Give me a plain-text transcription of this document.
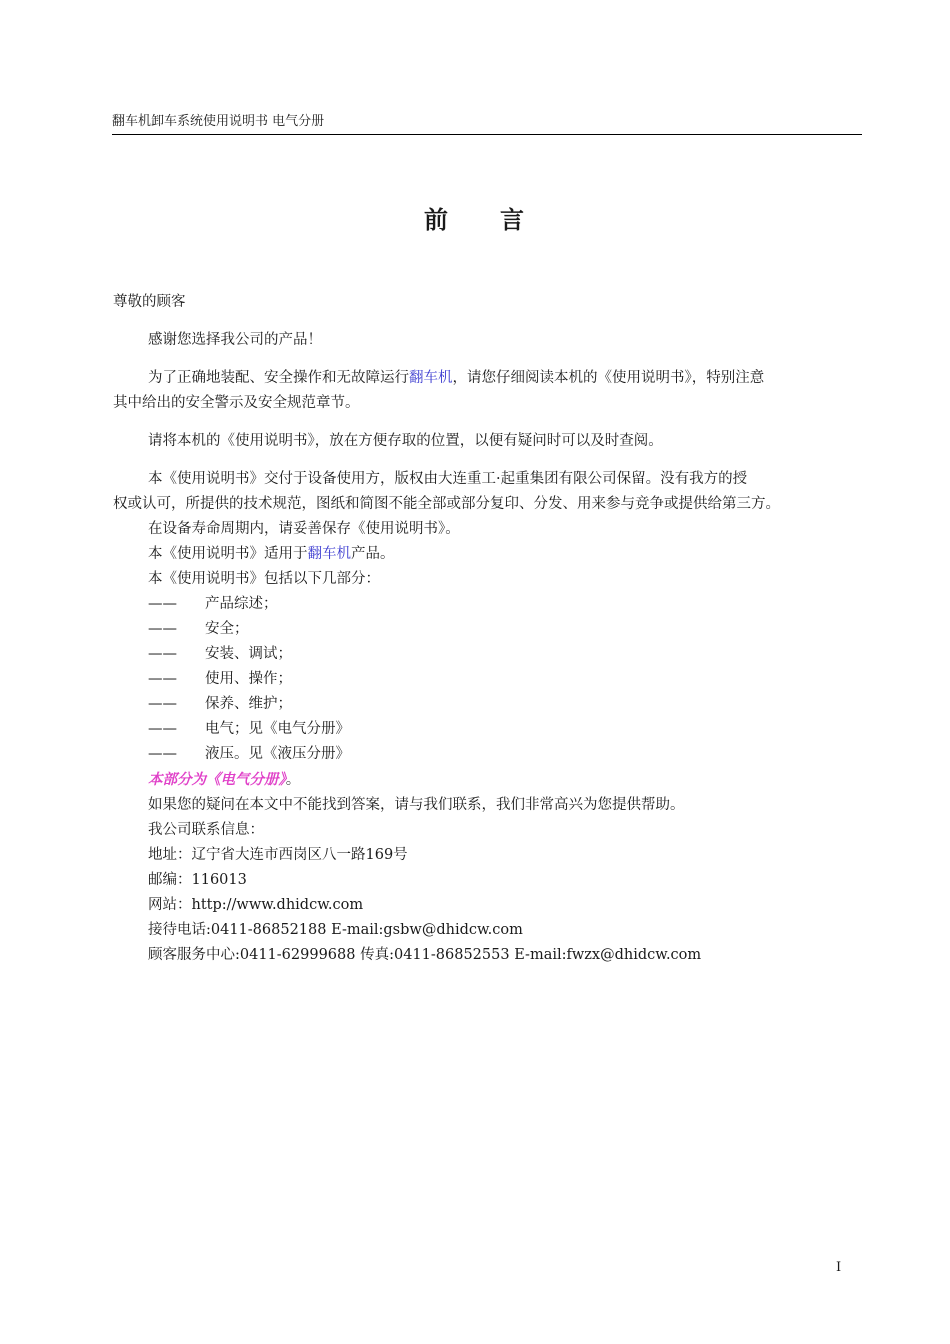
翻车机卸车系统使用说明书 电气分册
前 言

尊敬的顾客

感谢您选择我公司的产品！

为了正确地装配、安全操作和无故障运行翻车机，请您仔细阅读本机的《使用说明书》，特别注意

其中给出的安全警示及安全规范章节。

请将本机的《使用说明书》，放在方便存取的位置，以便有疑问时可以及时查阅。

本《使用说明书》交付于设备使用方，版权由大连重工·起重集团有限公司保留。没有我方的授

权或认可，所提供的技术规范，图纸和简图不能全部或部分复印、分发、用来参与竞争或提供给第三方。

在设备寿命周期内，请妥善保存《使用说明书》。

本《使用说明书》适用于翻车机产品。

本《使用说明书》包括以下几部分：

—— 产品综述；

—— 安全；

—— 安装、调试；

—— 使用、操作；

—— 保养、维护；

—— 电气；见《电气分册》

—— 液压。见《液压分册》

本部分为《电气分册》。

如果您的疑问在本文中不能找到答案，请与我们联系，我们非常高兴为您提供帮助。

我公司联系信息：

地址：辽宁省大连市西岗区八一路169号

邮编：116013

网站：http://www.dhidcw.com

接待电话:0411-86852188 E-mail:gsbw@dhidcw.com

顾客服务中心:0411-62999688 传真:0411-86852553 E-mail:fwzx@dhidcw.com

I
